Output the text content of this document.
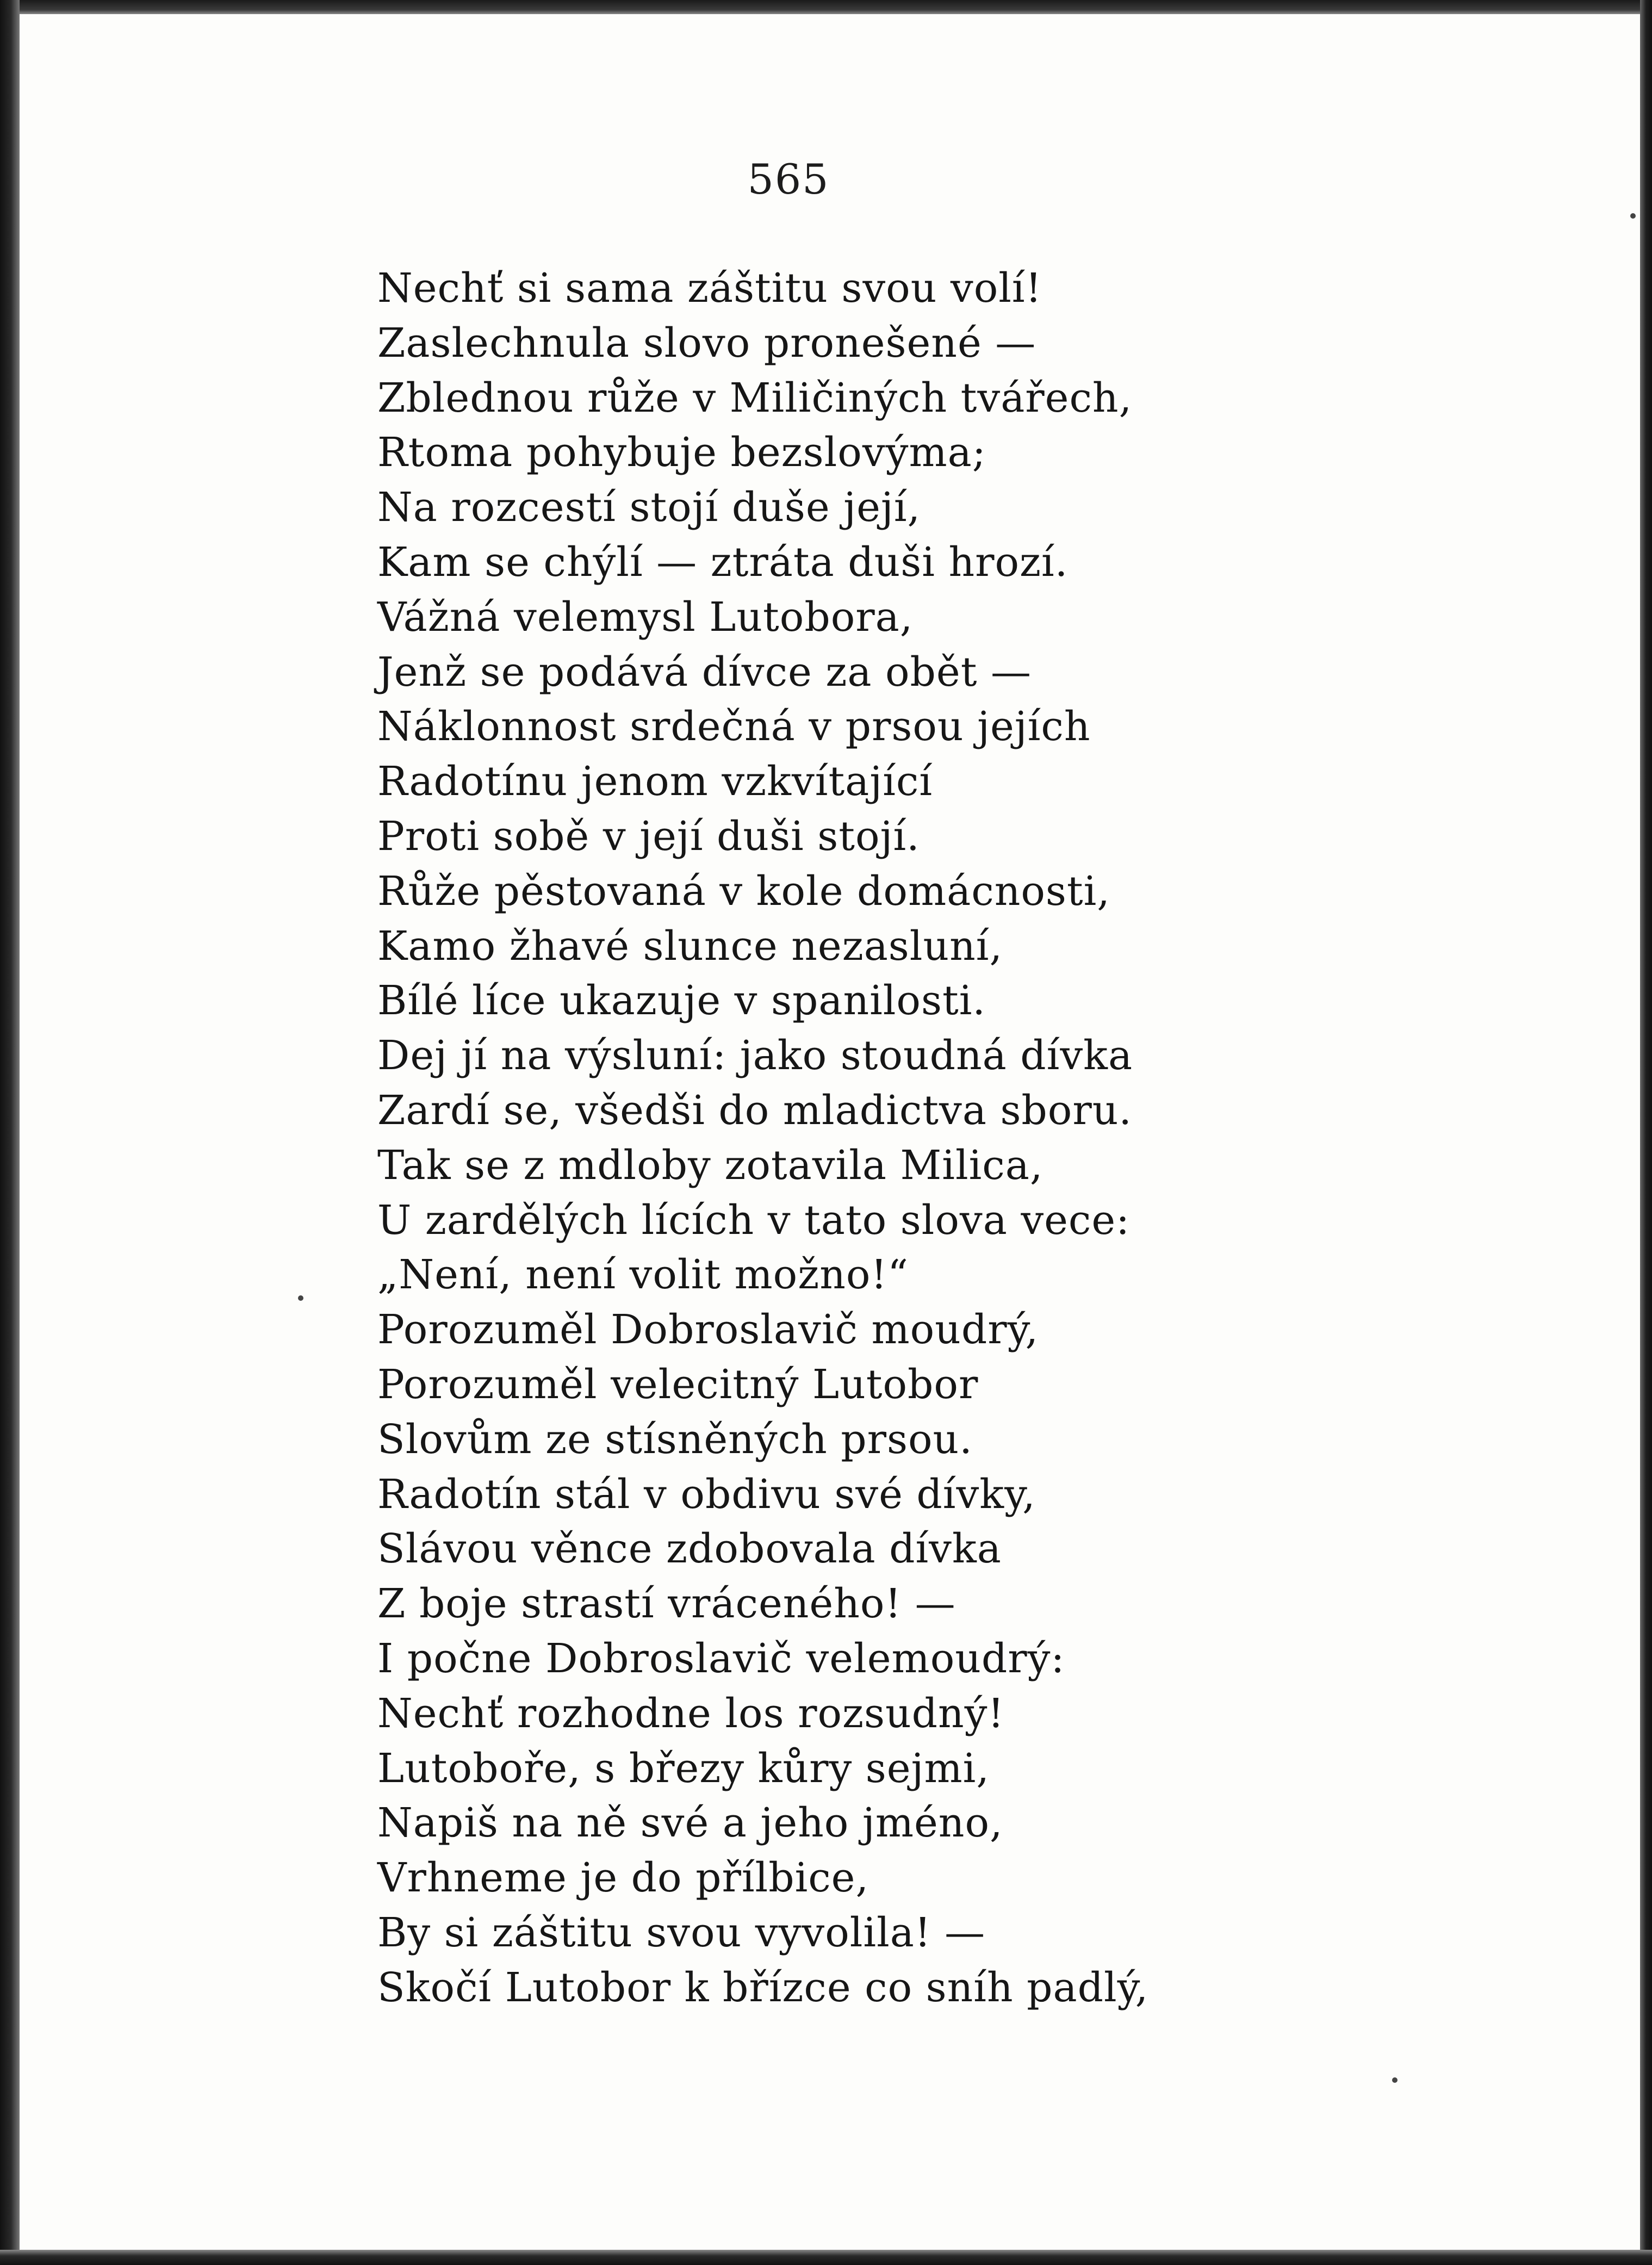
565
Nechť si sama záštitu svou volí!
Zaslechnula slovo pronešené —
Zblednou růže v Miličiných tvářech,
Rtoma pohybuje bezslovýma;
Na rozcestí stojí duše její,
Kam se chýlí — ztráta duši hrozí.
Vážná velemysl Lutobora,
Jenž se podává dívce za obět —
Náklonnost srdečná v prsou jejích
Radotínu jenom vzkvítající
Proti sobě v její duši stojí.
Růže pěstovaná v kole domácnosti,
Kamo žhavé slunce nezasluní,
Bílé líce ukazuje v spanilosti.
Dej jí na výsluní: jako stoudná dívka
Zardí se, všedši do mladictva sboru.
Tak se z mdloby zotavila Milica,
U zardělých lících v tato slova vece:
„Není, není volit možno!“
Porozuměl Dobroslavič moudrý,
Porozuměl velecitný Lutobor
Slovům ze stísněných prsou.
Radotín stál v obdivu své dívky,
Slávou věnce zdobovala dívka
Z boje strastí vráceného! —
I počne Dobroslavič velemoudrý:
Nechť rozhodne los rozsudný!
Lutoboře, s březy kůry sejmi,
Napiš na ně své a jeho jméno,
Vrhneme je do přílbice,
By si záštitu svou vyvolila! —
Skočí Lutobor k břízce co sníh padlý,
